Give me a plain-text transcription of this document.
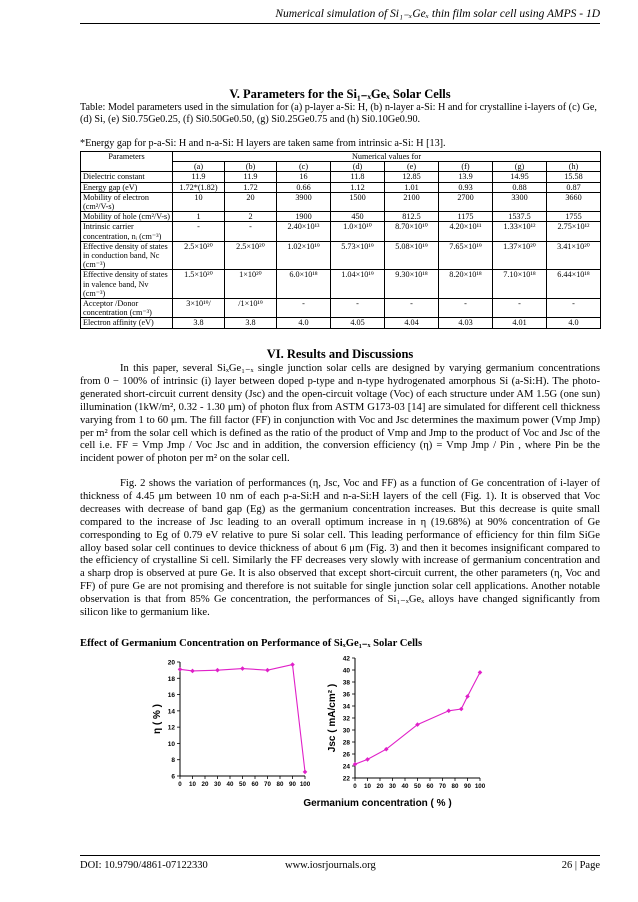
Numerical simulation of Si₁₋ₓGeₓ thin film solar cell using AMPS - 1D
V. Parameters for the Si₁₋ₓGeₓ Solar Cells
Table: Model parameters used in the simulation for (a) p-layer a-Si: H, (b) n-layer a-Si: H and for crystalline i-layers of (c) Ge, (d) Si, (e) Si0.75Ge0.25, (f) Si0.50Ge0.50, (g) Si0.25Ge0.75 and (h) Si0.10Ge0.90.
*Energy gap for p-a-Si: H and n-a-Si: H layers are taken same from intrinsic a-Si: H [13].
Parameters	Numerical values for							
	(a)	(b)	(c)	(d)	(e)	(f)	(g)	(h)
Dielectric constant	11.9	11.9	16	11.8	12.85	13.9	14.95	15.58
Energy gap (eV)	1.72*(1.82)	1.72	0.66	1.12	1.01	0.93	0.88	0.87
Mobility of electron (cm²/V-s)	10	20	3900	1500	2100	2700	3300	3660
Mobility of hole (cm²/V-s)	1	2	1900	450	812.5	1175	1537.5	1755
Intrinsic carrier concentration, nᵢ (cm⁻³)	-	-	2.40×10¹³	1.0×10¹⁰	8.70×10¹⁰	4.20×10¹¹	1.33×10¹²	2.75×10¹²
Effective density of states in conduction band, Nc (cm⁻³)	2.5×10²⁰	2.5×10²⁰	1.02×10¹⁹	5.73×10¹⁹	5.08×10¹⁹	7.65×10¹⁹	1.37×10²⁰	3.41×10²⁰
Effective density of states in valence band, Nv (cm⁻³)	1.5×10²⁰	1×10²⁰	6.0×10¹⁸	1.04×10¹⁹	9.30×10¹⁸	8.20×10¹⁸	7.10×10¹⁸	6.44×10¹⁸
Acceptor /Donor concentration (cm⁻³)	3×10¹⁹/	/1×10¹⁹	-	-	-	-	-	-
Electron affinity (eV)	3.8	3.8	4.0	4.05	4.04	4.03	4.01	4.0
VI. Results and Discussions
In this paper, several SiₓGe₁₋ₓ single junction solar cells are designed by varying germanium concentrations from 0 − 100% of intrinsic (i) layer between doped p-type and n-type hydrogenated amorphous Si (a-Si:H). The photo-generated short-circuit current density (Jsc) and the open-circuit voltage (Voc) of each structure under AM 1.5G (one sun) illumination (1kW/m², 0.32 - 1.30 μm) of photon flux from ASTM G173-03 [14] are simulated for different cell thickness varying from 1 to 60 μm. The fill factor (FF) in conjunction with Voc and Jsc determines the maximum power (Vmp Jmp) per m² from the solar cell which is defined as the ratio of the product of Vmp and Jmp to the product of Voc and Jsc of the cell i.e. FF = Vmp Jmp / Voc Jsc and in addition, the conversion efficiency (η) = Vmp Jmp / Pin , where Pin be the incident power of photon per m² on the solar cell.
Fig. 2 shows the variation of performances (η, Jsc, Voc and FF) as a function of Ge concentration of i-layer of thickness of 4.45 μm between 10 nm of each p-a-Si:H and n-a-Si:H layers of the cell (Fig. 1). It is observed that Voc decreases with decrease of band gap (Eg) as the germanium concentration increases. But this decrease is quite small compared to the increase of Jsc leading to an overall optimum increase in η (19.68%) at 90% concentration of Ge corresponding to Eg of 0.79 eV relative to pure Si solar cell. This leading performance of efficiency for thin film SiGe alloy based solar cell continues to device thickness of about 6 μm (Fig. 3) and then it becomes insignificant compared to the efficiency of crystalline Si cell. Similarly the FF decreases very slowly with increase of germanium concentration and a sharp drop is observed at pure Ge. It is also observed that except short-circuit current, the other parameters (η, Voc and FF) of pure Ge are not promising and therefore is not suitable for single junction solar cell applications. Another notable observation is that from 85% Ge concentration, the performances of Si₁₋ₓGeₓ alloys have changed significantly from silicon like to germanium like.
Effect of Germanium Concentration on Performance of SiₓGe₁₋ₓ Solar Cells
6
8
10
12
14
16
18
20
0 10 20 30 40 50 60 70 80 90 100
η ( % )
22
24
26
28
30
32
34
36
38
40
42
0 10 20 30 40 50 60 70 80 90 100
Jsc ( mA/cm² )
Germanium concentration ( % )
DOI: 10.9790/4861-07122330	www.iosrjournals.org	26 | Page
